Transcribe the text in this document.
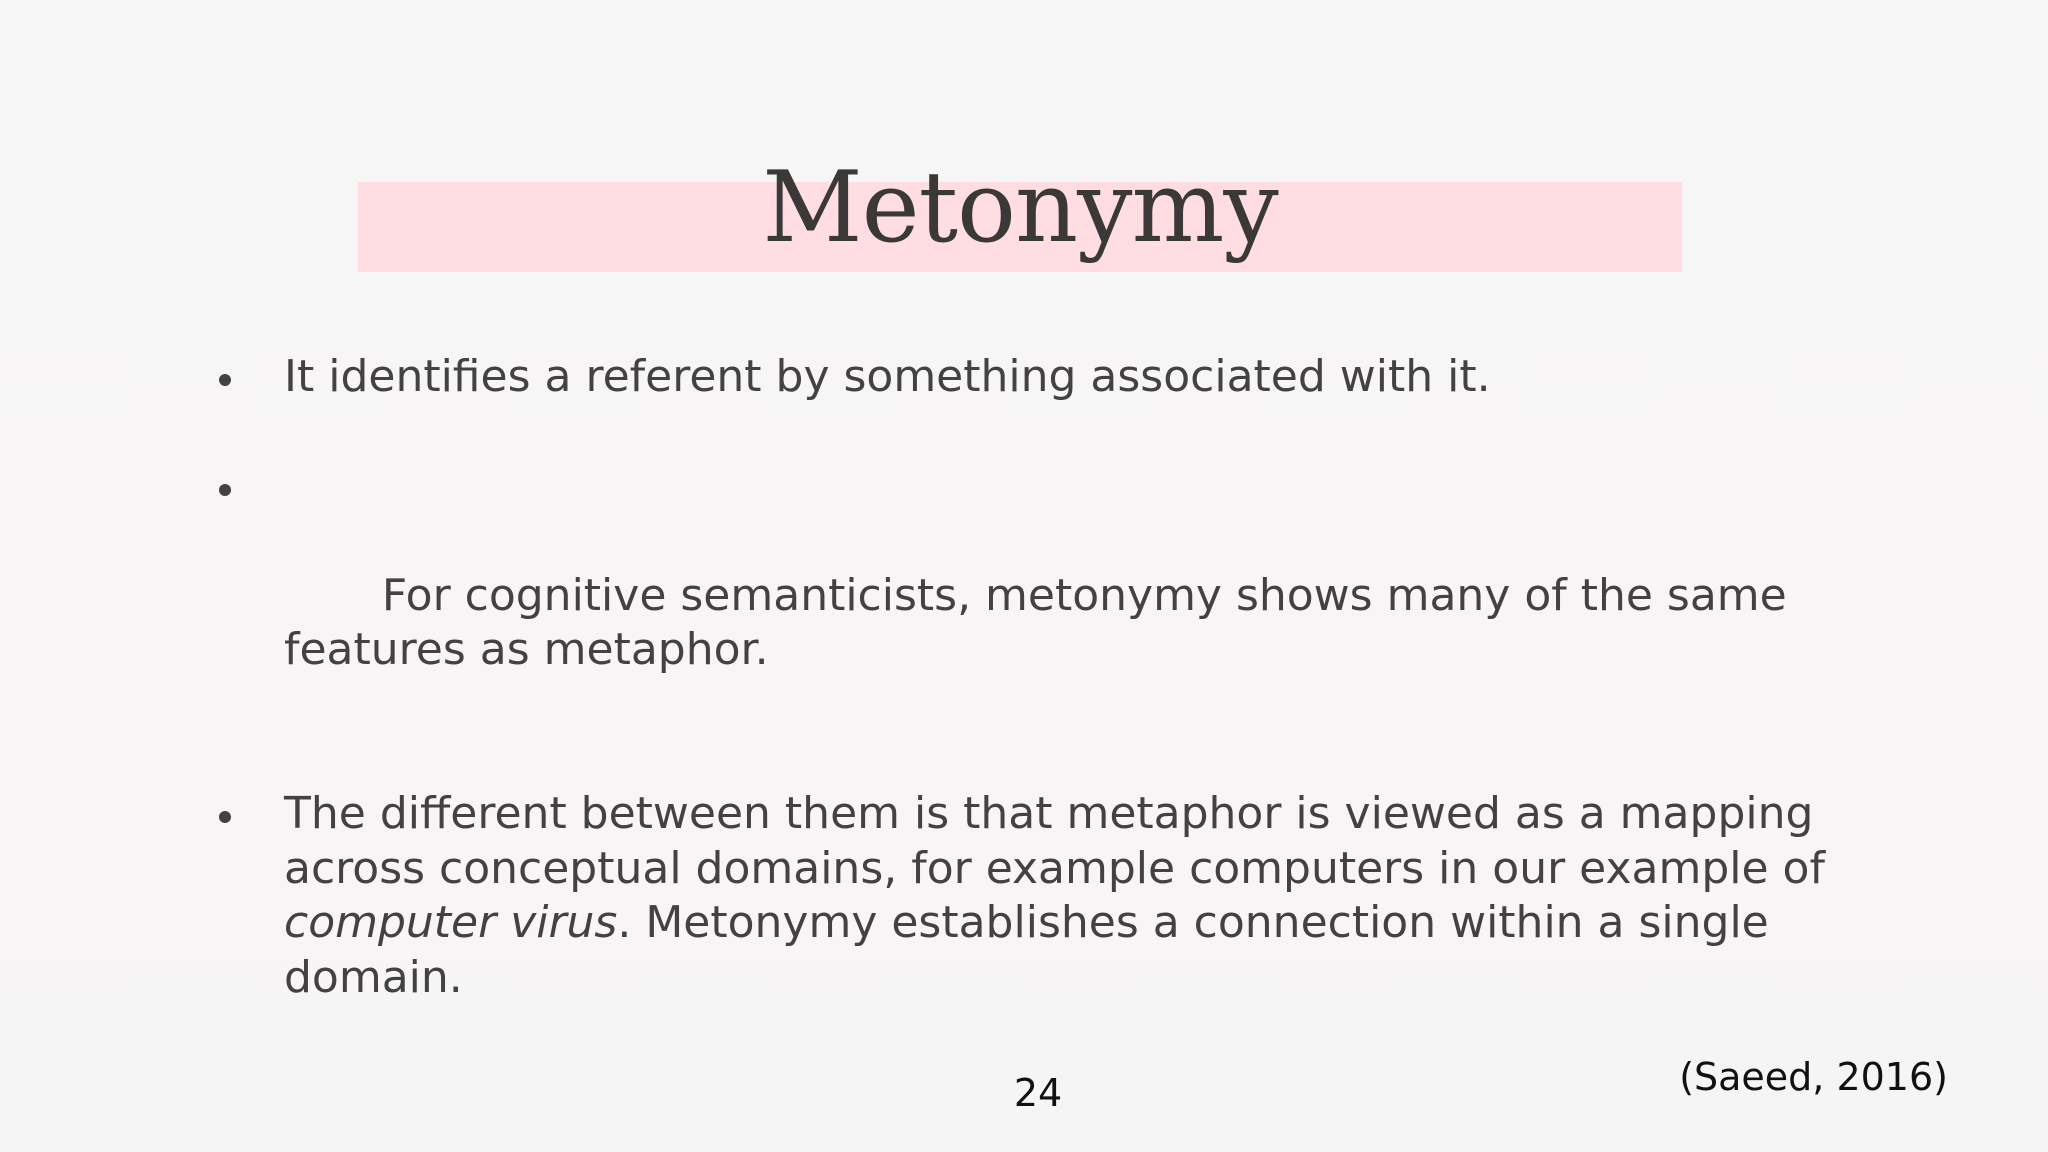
Metonymy
It identifies a referent by something associated with it.

For cognitive semanticists, metonymy shows many of the same features as metaphor.

The different between them is that metaphor is viewed as a mapping across conceptual domains, for example computers in our example of computer virus. Metonymy establishes a connection within a single domain.
24	(Saeed, 2016)
